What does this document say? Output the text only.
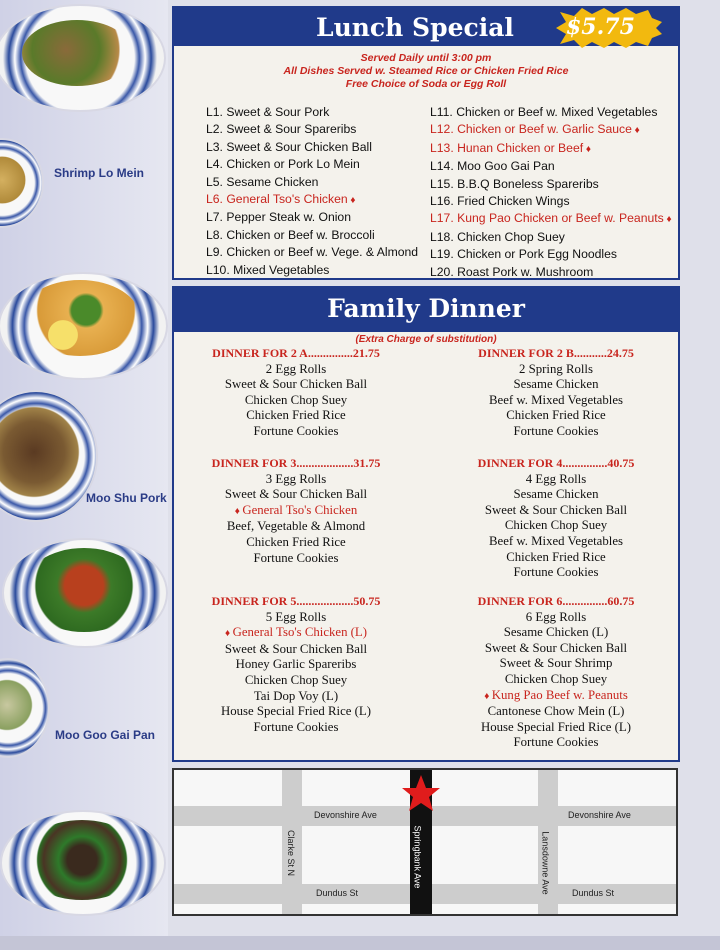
Shrimp Lo Mein
Moo Shu Pork
Moo Goo Gai Pan
Lunch Special $5.75
Served Daily until 3:00 pm
All Dishes Served w. Steamed Rice or Chicken Fried Rice
Free Choice of Soda or Egg Roll
L1. Sweet & Sour Pork
L2. Sweet & Sour Spareribs
L3. Sweet & Sour Chicken Ball
L4. Chicken or Pork Lo Mein
L5. Sesame Chicken
L6. General Tso's Chicken ♦
L7. Pepper Steak w. Onion
L8. Chicken or Beef w. Broccoli
L9. Chicken or Beef w. Vege. & Almond
L10. Mixed Vegetables
L11. Chicken or Beef w. Mixed Vegetables
L12. Chicken or Beef w. Garlic Sauce ♦
L13. Hunan Chicken or Beef ♦
L14. Moo Goo Gai Pan
L15. B.B.Q Boneless Spareribs
L16. Fried Chicken Wings
L17. Kung Pao Chicken or Beef w. Peanuts ♦
L18. Chicken Chop Suey
L19. Chicken or Pork Egg Noodles
L20. Roast Pork w. Mushroom
Family Dinner
(Extra Charge of substitution)
DINNER FOR 2 A...............21.75
2 Egg Rolls
Sweet & Sour Chicken Ball
Chicken Chop Suey
Chicken Fried Rice
Fortune Cookies
DINNER FOR 2 B...........24.75
2 Spring Rolls
Sesame Chicken
Beef w. Mixed Vegetables
Chicken Fried Rice
Fortune Cookies
DINNER FOR 3...................31.75
3 Egg Rolls
Sweet & Sour Chicken Ball
♦ General Tso's Chicken
Beef, Vegetable & Almond
Chicken Fried Rice
Fortune Cookies
DINNER FOR 4...............40.75
4 Egg Rolls
Sesame Chicken
Sweet & Sour Chicken Ball
Chicken Chop Suey
Beef w. Mixed Vegetables
Chicken Fried Rice
Fortune Cookies
DINNER FOR 5...................50.75
5 Egg Rolls
♦ General Tso's Chicken (L)
Sweet & Sour Chicken Ball
Honey Garlic Spareribs
Chicken Chop Suey
Tai Dop Voy (L)
House Special Fried Rice (L)
Fortune Cookies
DINNER FOR 6...............60.75
6 Egg Rolls
Sesame Chicken (L)
Sweet & Sour Chicken Ball
Sweet & Sour Shrimp
Chicken Chop Suey
♦ Kung Pao Beef w. Peanuts
Cantonese Chow Mein (L)
House Special Fried Rice (L)
Fortune Cookies
Devonshire Ave	Devonshire Ave
Dundus St	Dundus St
Clarke St N	Springbank Ave	Lansdowne Ave
